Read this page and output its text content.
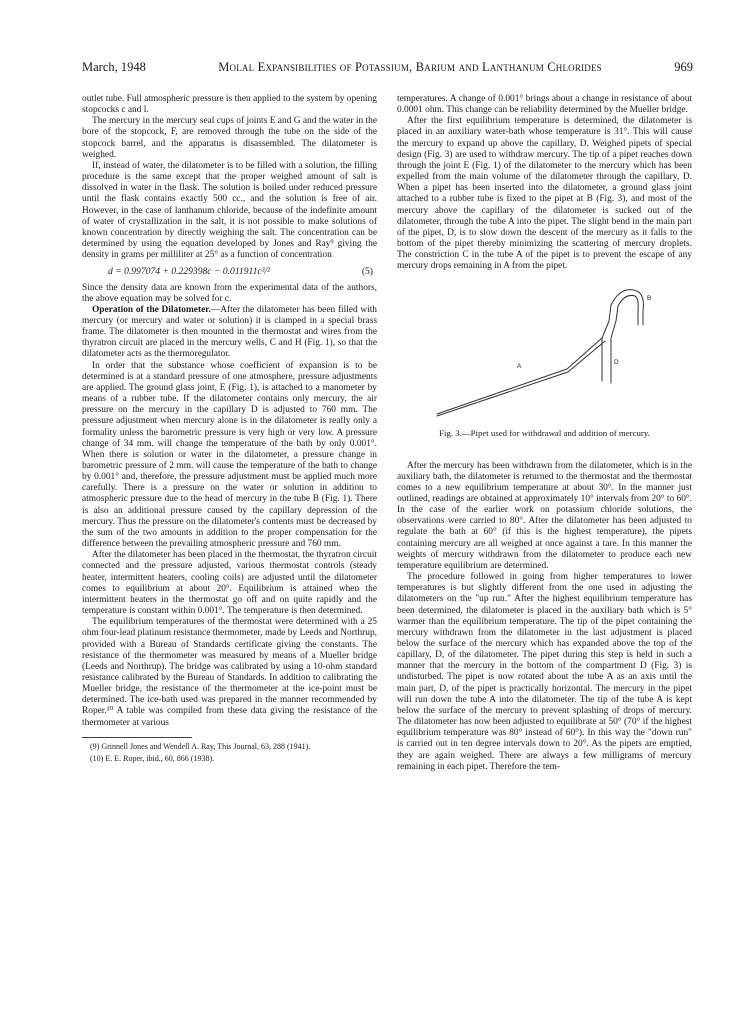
March, 1948	Molal Expansibilities of Potassium, Barium and Lanthanum Chlorides	969

outlet tube. Full atmospheric pressure is then applied to the system by opening stopcocks c and l.

The mercury in the mercury seal cups of joints E and G and the water in the bore of the stopcock, F, are removed through the tube on the side of the stopcock barrel, and the apparatus is disassembled. The dilatometer is weighed.

If, instead of water, the dilatometer is to be filled with a solution, the filling procedure is the same except that the proper weighed amount of salt is dissolved in water in the flask. The solution is boiled under reduced pressure until the flask contains exactly 500 cc., and the solution is free of air. However, in the case of lanthanum chloride, because of the indefinite amount of water of crystallization in the salt, it is not possible to make solutions of known concentration by directly weighing the salt. The concentration can be determined by using the equation developed by Jones and Ray⁹ giving the density in grams per milliliter at 25° as a function of concentration

d = 0.997074 + 0.229398c − 0.011911c³/²	(5)

Since the density data are known from the experimental data of the authors, the above equation may be solved for c.

Operation of the Dilatometer.—After the dilatometer has been filled with mercury (or mercury and water or solution) it is clamped in a special brass frame. The dilatometer is then mounted in the thermostat and wires from the thyratron circuit are placed in the mercury wells, C and H (Fig. 1), so that the dilatometer acts as the thermoregulator.

In order that the substance whose coefficient of expansion is to be determined is at a standard pressure of one atmosphere, pressure adjustments are applied. The ground glass joint, E (Fig. 1), is attached to a manometer by means of a rubber tube. If the dilatometer contains only mercury, the air pressure on the mercury in the capillary D is adjusted to 760 mm. The pressure adjustment when mercury alone is in the dilatometer is really only a formality unless the barometric pressure is very high or very low. A pressure change of 34 mm. will change the temperature of the bath by only 0.001°. When there is solution or water in the dilatometer, a pressure change in barometric pressure of 2 mm. will cause the temperature of the bath to change by 0.001° and, therefore, the pressure adjustment must be applied much more carefully. There is a pressure on the water or solution in addition to atmospheric pressure due to the head of mercury in the tube B (Fig. 1). There is also an additional pressure caused by the capillary depression of the mercury. Thus the pressure on the dilatometer's contents must be decreased by the sum of the two amounts in addition to the proper compensation for the difference between the prevailing atmospheric pressure and 760 mm.

After the dilatometer has been placed in the thermostat, the thyratron circuit connected and the pressure adjusted, various thermostat controls (steady heater, intermittent heaters, cooling coils) are adjusted until the dilatometer comes to equilibrium at about 20°. Equilibrium is attained when the intermittent heaters in the thermostat go off and on quite rapidly and the temperature is constant within 0.001°. The temperature is then determined.

The equilibrium temperatures of the thermostat were determined with a 25 ohm four-lead platinum resistance thermometer, made by Leeds and Northrup, provided with a Bureau of Standards certificate giving the constants. The resistance of the thermometer was measured by means of a Mueller bridge (Leeds and Northrup). The bridge was calibrated by using a 10-ohm standard resistance calibrated by the Bureau of Standards. In addition to calibrating the Mueller bridge, the resistance of the thermometer at the ice-point must be determined. The ice-bath used was prepared in the manner recommended by Roper.¹⁰ A table was compiled from these data giving the resistance of the thermometer at various

(9) Grinnell Jones and Wendell A. Ray, This Journal, 63, 288 (1941).

(10) E. E. Roper, ibid., 60, 866 (1938).

temperatures. A change of 0.001° brings about a change in resistance of about 0.0001 ohm. This change can be reliability determined by the Mueller bridge.

After the first equilibrium temperature is determined, the dilatometer is placed in an auxiliary water-bath whose temperature is 31°. This will cause the mercury to expand up above the capillary, D. Weighed pipets of special design (Fig. 3) are used to withdraw mercury. The tip of a pipet reaches down through the joint E (Fig. 1) of the dilatometer to the mercury which has been expelled from the main volume of the dilatometer through the capillary, D. When a pipet has been inserted into the dilatometer, a ground glass joint attached to a rubber tube is fixed to the pipet at B (Fig. 3), and most of the mercury above the capillary of the dilatometer is sucked out of the dilatometer, through the tube A into the pipet. The slight bend in the main part of the pipet, D, is to slow down the descent of the mercury as it falls to the bottom of the pipet thereby minimizing the scattering of mercury droplets. The constriction C in the tube A of the pipet is to prevent the escape of any mercury drops remaining in A from the pipet.

A
B
D
Fig. 3.—Pipet used for withdrawal and addition of mercury.

After the mercury has been withdrawn from the dilatometer, which is in the auxiliary bath, the dilatometer is returned to the thermostat and the thermostat comes to a new equilibrium temperature at about 30°. In the manner just outlined, readings are obtained at approximately 10° intervals from 20° to 60°. In the case of the earlier work on potassium chloride solutions, the observations were carried to 80°. After the dilatometer has been adjusted to regulate the bath at 60° (if this is the highest temperature), the pipets containing mercury are all weighed at once against a tare. In this manner the weights of mercury withdrawn from the dilatometer to produce each new temperature equilibrium are determined.

The procedure followed in going from higher temperatures to lower temperatures is but slightly different from the one used in adjusting the dilatometers on the "up run." After the highest equilibrium temperature has been determined, the dilatometer is placed in the auxiliary bath which is 5° warmer than the equilibrium temperature. The tip of the pipet containing the mercury withdrawn from the dilatometer in the last adjustment is placed below the surface of the mercury which has expanded above the top of the capillary, D, of the dilatometer. The pipet during this step is held in such a manner that the mercury in the bottom of the compartment D (Fig. 3) is undisturbed. The pipet is now rotated about the tube A as an axis until the main part, D, of the pipet is practically horizontal. The mercury in the pipet will run down the tube A into the dilatometer. The tip of the tube A is kept below the surface of the mercury to prevent splashing of drops of mercury. The dilatometer has now been adjusted to equilibrate at 50° (70° if the highest equilibrium temperature was 80° instead of 60°). In this way the "down run" is carried out in ten degree intervals down to 20°. As the pipets are emptied, they are again weighed. There are always a few milligrams of mercury remaining in each pipet. Therefore the tem-
